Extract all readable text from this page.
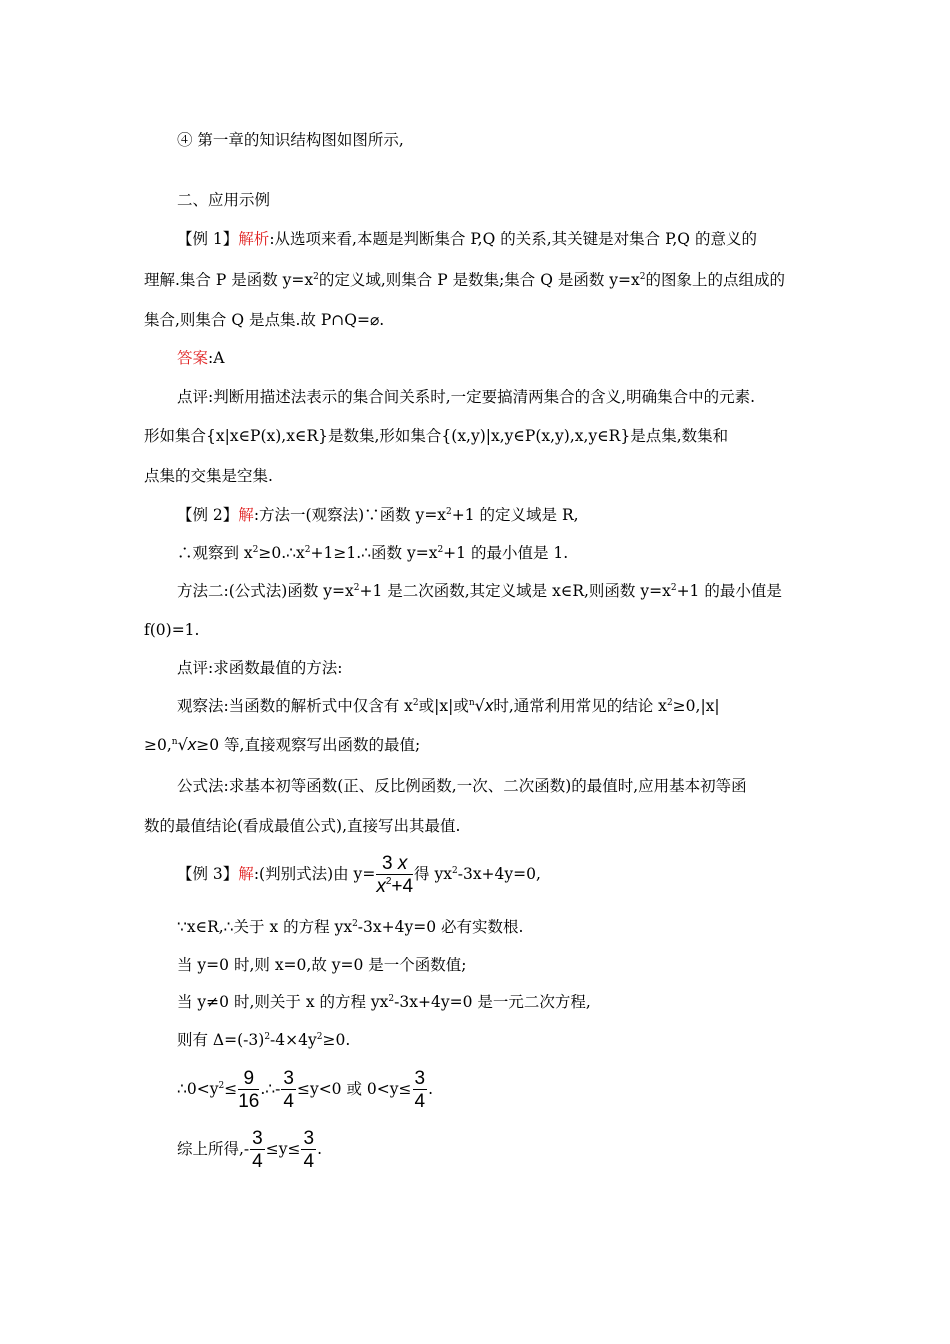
④ 第一章的知识结构图如图所示,
二、应用示例
【例 1】解析:从选项来看,本题是判断集合 P,Q 的关系,其关键是对集合 P,Q 的意义的
理解.集合 P 是函数 $y=x^2$的定义域,则集合 P 是数集;集合 Q 是函数 $y=x^2$的图象上的点组成的
集合,则集合 Q 是点集.故 P∩Q=⌀.
答案:A
点评:判断用描述法表示的集合间关系时,一定要搞清两集合的含义,明确集合中的元素.
形如集合{x|x∈P(x),x∈R}是数集,形如集合{(x,y)|x,y∈P(x,y),x,y∈R}是点集,数集和
点集的交集是空集.
【例 2】解:方法一(观察法)∵函数 $y=x^2+1$ 的定义域是 R,
∴观察到 $x^2\ge 0.\therefore x^2+1\ge 1.\therefore$函数 $y=x^2+1$ 的最小值是 1.
方法二:(公式法)函数 $y=x^2+1$ 是二次函数,其定义域是 x∈R,则函数 $y=x^2+1$ 的最小值是
f(0)=1.
点评:求函数最值的方法:
观察法:当函数的解析式中仅含有 $x^2$或|x|或$^n$√x时,通常利用常见的结论 $x^2\ge 0,|x|$
≥0,$^n$√x≥0 等,直接观察写出函数的最值;
公式法:求基本初等函数(正、反比例函数,一次、二次函数)的最值时,应用基本初等函
数的最值结论(看成最值公式),直接写出其最值.
【例 3】解:(判别式法)由 $y= \frac{3 x}{x^2+4}$ 得 $yx^2-3x+4y=0$,
∵x∈R,∴关于 x 的方程 $yx^2-3x+4y=0$ 必有实数根.
当 y=0 时,则 x=0,故 y=0 是一个函数值;
当 y≠0 时,则关于 x 的方程 $yx^2-3x+4y=0$ 是一元二次方程,
则有 $\Delta=(-3)^2-4\times 4y^2\ge 0$.
$\therefore 0<y^2\le \frac{9}{16}$ .∴- $\frac{3}{4} \le y<0$ 或 $0<y\le \frac{3}{4}$ .
综上所得,- $\frac{3}{4} \le y\le \frac{3}{4}$ .
